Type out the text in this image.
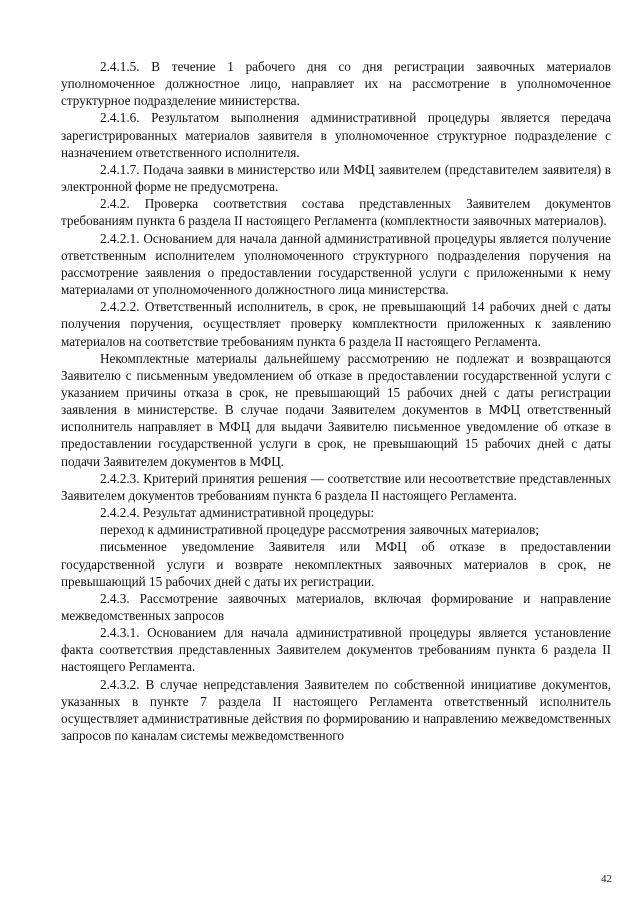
2.4.1.5. В течение 1 рабочего дня со дня регистрации заявочных материалов уполномоченное должностное лицо, направляет их на рассмотрение в уполномоченное структурное подразделение министерства.

2.4.1.6. Результатом выполнения административной процедуры является передача зарегистрированных материалов заявителя в уполномоченное структурное подразделение с назначением ответственного исполнителя.

2.4.1.7. Подача заявки в министерство или МФЦ заявителем (представителем заявителя) в электронной форме не предусмотрена.

2.4.2. Проверка соответствия состава представленных Заявителем документов требованиям пункта 6 раздела II настоящего Регламента (комплектности заявочных материалов).

2.4.2.1. Основанием для начала данной административной процедуры является получение ответственным исполнителем уполномоченного структурного подразделения поручения на рассмотрение заявления о предоставлении государственной услуги с приложенными к нему материалами от уполномоченного должностного лица министерства.

2.4.2.2. Ответственный исполнитель, в срок, не превышающий 14 рабочих дней с даты получения поручения, осуществляет проверку комплектности приложенных к заявлению материалов на соответствие требованиям пункта 6 раздела II настоящего Регламента.

Некомплектные материалы дальнейшему рассмотрению не подлежат и возвращаются Заявителю с письменным уведомлением об отказе в предоставлении государственной услуги с указанием причины отказа в срок, не превышающий 15 рабочих дней с даты регистрации заявления в министерстве. В случае подачи Заявителем документов в МФЦ ответственный исполнитель направляет в МФЦ для выдачи Заявителю письменное уведомление об отказе в предоставлении государственной услуги в срок, не превышающий 15 рабочих дней с даты подачи Заявителем документов в МФЦ.

2.4.2.3. Критерий принятия решения — соответствие или несоответствие представленных Заявителем документов требованиям пункта 6 раздела II настоящего Регламента.

2.4.2.4. Результат административной процедуры:

переход к административной процедуре рассмотрения заявочных материалов;

письменное уведомление Заявителя или МФЦ об отказе в предоставлении государственной услуги и возврате некомплектных заявочных материалов в срок, не превышающий 15 рабочих дней с даты их регистрации.

2.4.3. Рассмотрение заявочных материалов, включая формирование и направление межведомственных запросов

2.4.3.1. Основанием для начала административной процедуры является установление факта соответствия представленных Заявителем документов требованиям пункта 6 раздела II настоящего Регламента.

2.4.3.2. В случае непредставления Заявителем по собственной инициативе документов, указанных в пункте 7 раздела II настоящего Регламента ответственный исполнитель осуществляет административные действия по формированию и направлению межведомственных запросов по каналам системы межведомственного

42
